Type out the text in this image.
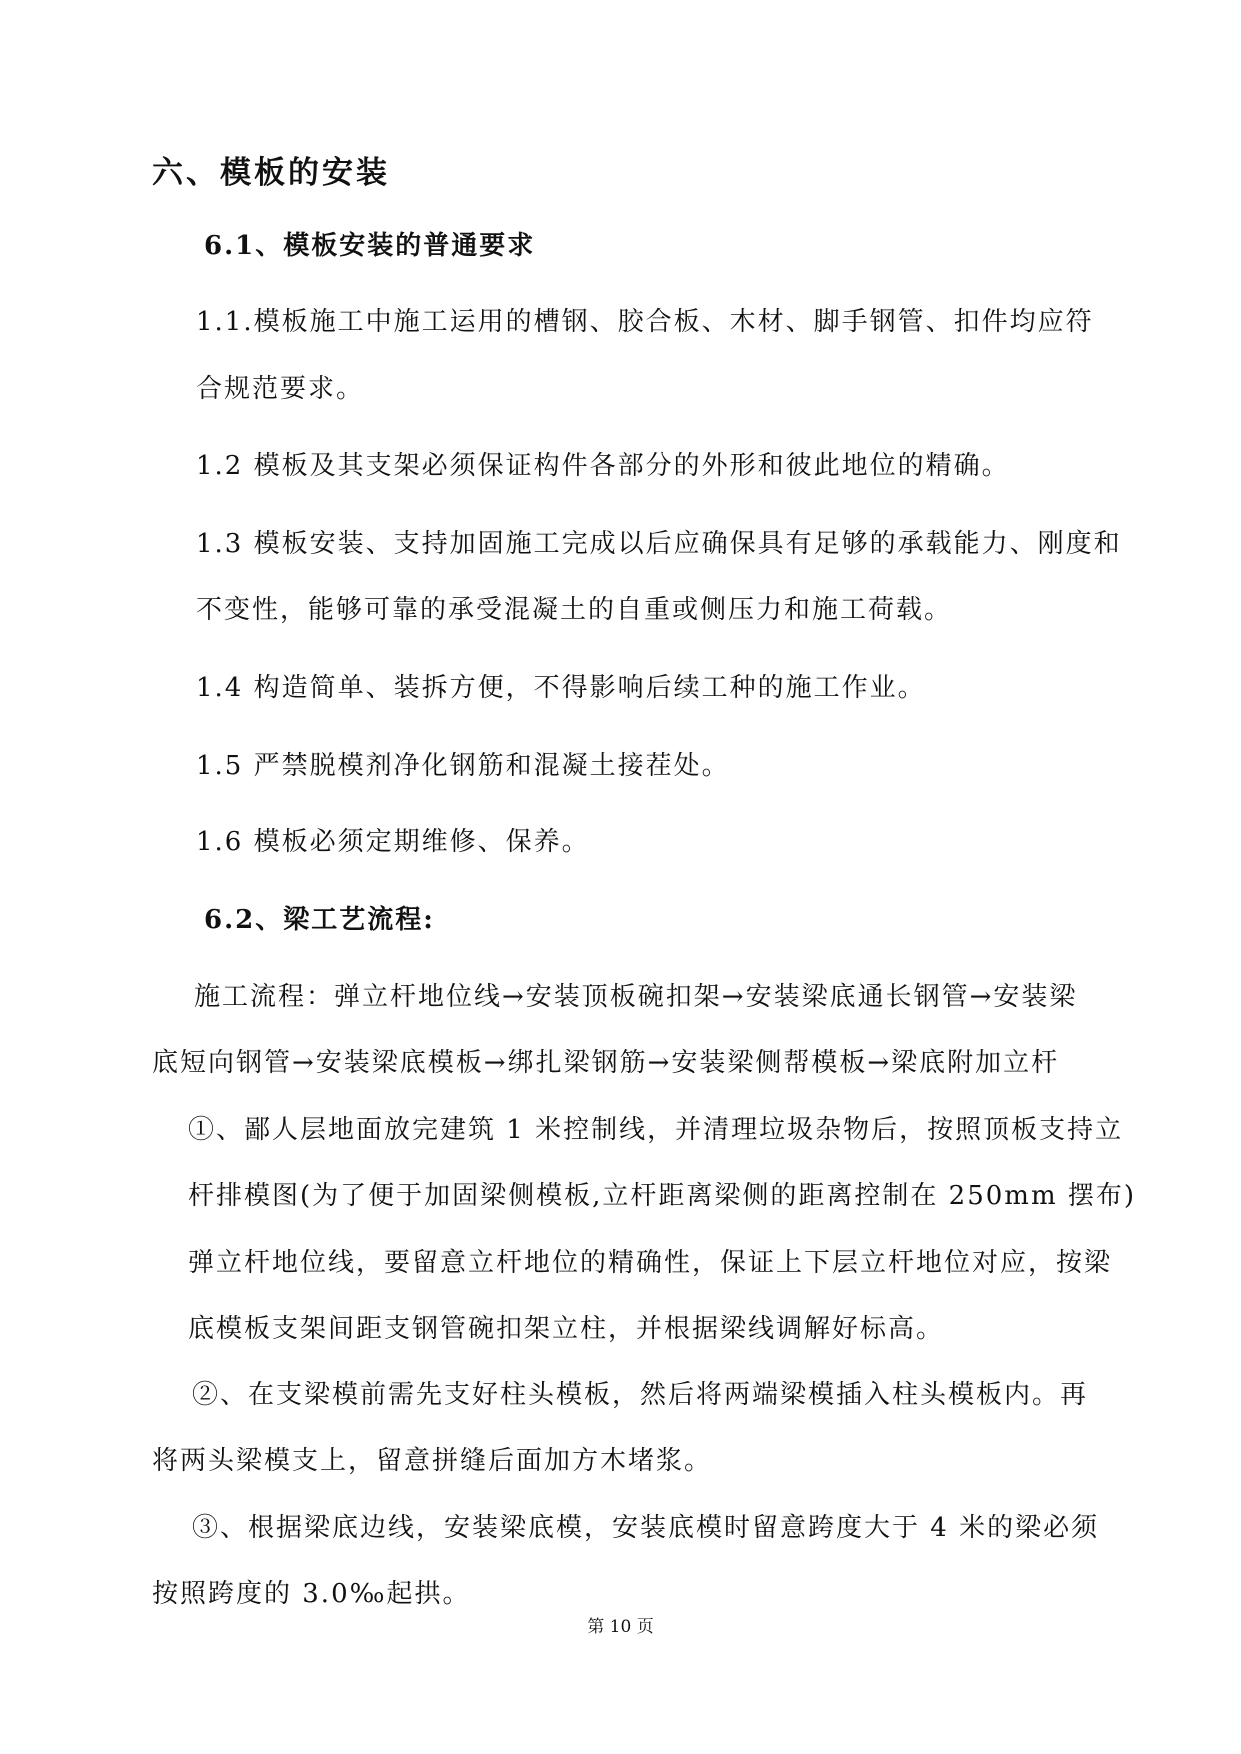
六、模板的安装
6.1、模板安装的普通要求
1.1.模板施工中施工运用的槽钢、胶合板、木材、脚手钢管、扣件均应符
合规范要求。
1.2 模板及其支架必须保证构件各部分的外形和彼此地位的精确。
1.3 模板安装、支持加固施工完成以后应确保具有足够的承载能力、刚度和
不变性，能够可靠的承受混凝土的自重或侧压力和施工荷载。
1.4 构造简单、装拆方便，不得影响后续工种的施工作业。
1.5 严禁脱模剂净化钢筋和混凝土接茬处。
1.6 模板必须定期维修、保养。
6.2、梁工艺流程:
施工流程：弹立杆地位线→安装顶板碗扣架→安装梁底通长钢管→安装梁
底短向钢管→安装梁底模板→绑扎梁钢筋→安装梁侧帮模板→梁底附加立杆
①、鄙人层地面放完建筑 1 米控制线，并清理垃圾杂物后，按照顶板支持立
杆排模图(为了便于加固梁侧模板,立杆距离梁侧的距离控制在 250mm 摆布)
弹立杆地位线，要留意立杆地位的精确性，保证上下层立杆地位对应，按梁
底模板支架间距支钢管碗扣架立柱，并根据梁线调解好标高。
②、在支梁模前需先支好柱头模板，然后将两端梁模插入柱头模板内。再
将两头梁模支上，留意拼缝后面加方木堵浆。
③、根据梁底边线，安装梁底模，安装底模时留意跨度大于 4 米的梁必须
按照跨度的 3.0‰起拱。
第 10 页
